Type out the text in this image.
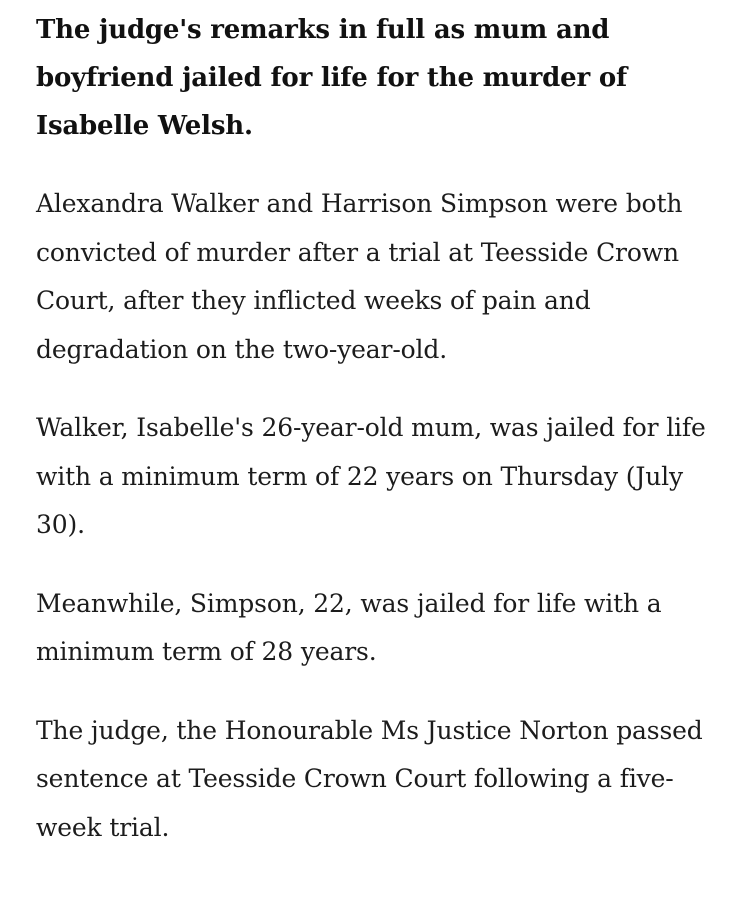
The judge's remarks in full as mum and boyfriend jailed for life for the murder of Isabelle Welsh.

Alexandra Walker and Harrison Simpson were both convicted of murder after a trial at Teesside Crown Court, after they inflicted weeks of pain and degradation on the two-year-old.

Walker, Isabelle's 26-year-old mum, was jailed for life with a minimum term of 22 years on Thursday (July 30).

Meanwhile, Simpson, 22, was jailed for life with a minimum term of 28 years.

The judge, the Honourable Ms Justice Norton passed sentence at Teesside Crown Court following a five-week trial.
